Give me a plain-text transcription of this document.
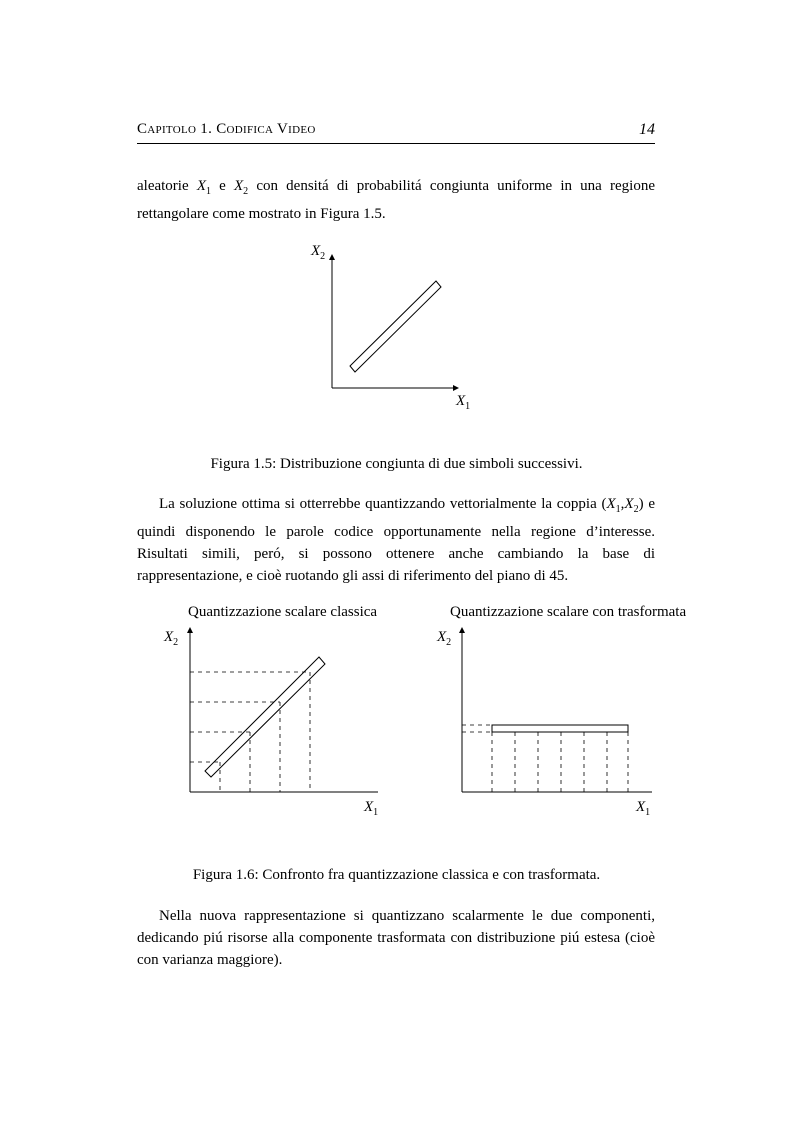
Capitolo 1. Codifica Video	14
aleatorie $X_1$ e $X_2$ con densitá di probabilitá congiunta uniforme in una regione rettangolare come mostrato in Figura 1.5.
$X_2$
$X_1$
Figura 1.5: Distribuzione congiunta di due simboli successivi.
La soluzione ottima si otterrebbe quantizzando vettorialmente la coppia $(X_1,X_2)$ e quindi disponendo le parole codice opportunamente nella regione d’interesse. Risultati simili, peró, si possono ottenere anche cambiando la base di rappresentazione, e cioè ruotando gli assi di riferimento del piano di 45.
Quantizzazione scalare classica	Quantizzazione scalare con trasformata
$X_2$
$X_1$
$X_2$
$X_1$
Figura 1.6: Confronto fra quantizzazione classica e con trasformata.
Nella nuova rappresentazione si quantizzano scalarmente le due componenti, dedicando piú risorse alla componente trasformata con distribuzione piú estesa (cioè con varianza maggiore).
